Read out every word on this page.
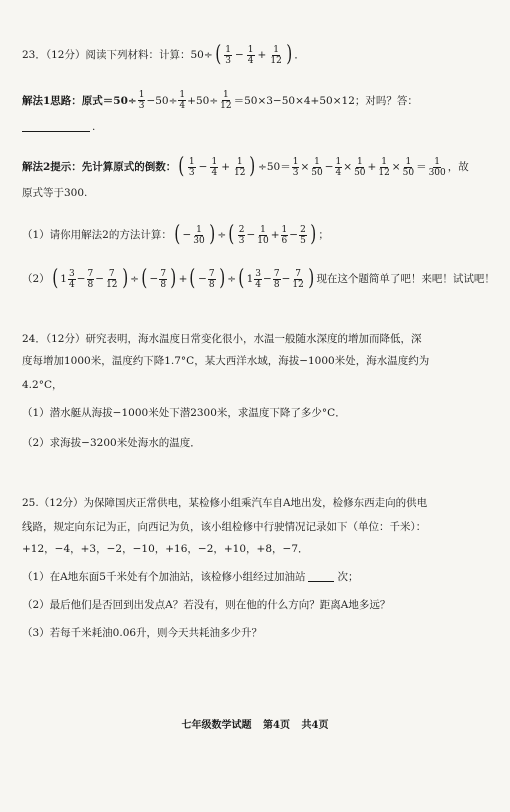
23．（12分）阅读下列材料：计算： 50÷ ( $\frac{1}{3} - \frac{1}{4} + \frac{1}{12}$ ) ．
解法1思路：原式$=50\div \frac{1}{3} -50\div \frac{1}{4} +50\div \frac{1}{12} =50\times 3-50\times 4+50\times 12$；对吗？答：
.
解法2提示：先计算原式的倒数： ( $\frac{1}{3} - \frac{1}{4} + \frac{1}{12}$ ) $\div 50= \frac{1}{3} \times \frac{1}{50} - \frac{1}{4} \times \frac{1}{50} + \frac{1}{12} \times \frac{1}{50} = \frac{1}{300}$ ，故
原式等于300.
（1）请你用解法2的方法计算： ( − $\frac{1}{30}$ ) ÷ ( $\frac{2}{3} - \frac{1}{10} + \frac{1}{6} - \frac{2}{5}$ ) ；
（2） ( $1 \frac{3}{4} - \frac{7}{8} - \frac{7}{12}$ ) ÷ ( − $\frac{7}{8}$ ) + ( − $\frac{7}{8}$ ) ÷ ( $1 \frac{3}{4} - \frac{7}{8} - \frac{7}{12}$ ) 现在这个题简单了吧！来吧！试试吧！
24．（12分）研究表明，海水温度日常变化很小，水温一般随水深度的增加而降低，深
度每增加1000米，温度约下降1.7°C，某大西洋水域，海拔−1000米处，海水温度约为
4.2°C，
（1）潜水艇从海拔−1000米处下潜2300米，求温度下降了多少°C．
（2）求海拔−3200米处海水的温度．
25.（12分）为保障国庆正常供电，某检修小组乘汽车自A地出发，检修东西走向的供电
线路，规定向东记为正，向西记为负，该小组检修中行驶情况记录如下（单位：千米）：
+12，−4，+3，−2，−10，+16，−2，+10，+8，−7．
（1）在A地东面5千米处有个加油站，该检修小组经过加油站	次；
（2）最后他们是否回到出发点A？若没有，则在他的什么方向？距离A地多远？
（3）若每千米耗油0.06升，则今天共耗油多少升？
七年级数学试题 第4页 共4页
